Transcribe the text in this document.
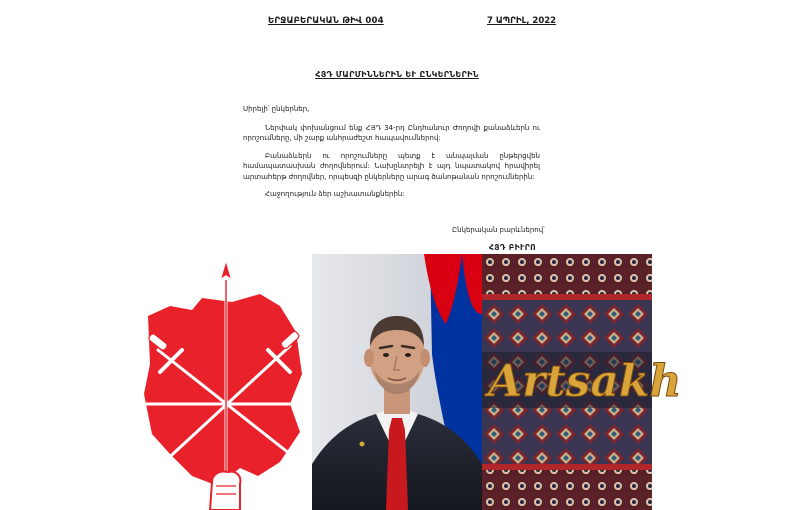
ԵՐՋԱԲԵՐԱԿԱՆ ԹԻՎ 004	7 ԱՊՐԻԼ, 2022
ՀՅԴ ՄԱՐՄԻՆՆԵՐԻՆ ԵՒ ԸՆԿԵՐՆԵՐԻՆ

Սիրելի՛ ընկերներ,

Ներփակ փոխանցում ենք ՀՅԴ 34-րդ Ընդհանուր Ժողովի քանաձևերն ու որոշումները, մի շարք անհրաժեշտ հապավումներով:

Բանաձևերն ու որոշումները պետք է անպայման ընթերցվեն համապատասխան ժողովներում: Նախընտրելի է այդ նպատակով հրավիրել արտահերթ ժողովներ, որպեսզի ընկերները արագ ծանոթանան որոշումներին:

Հաջողություն ձեր աշխատանքներին:

Ընկերական բարևներով՝
ՀՅԴ ԲԻՒՐՈ
Artsakh
